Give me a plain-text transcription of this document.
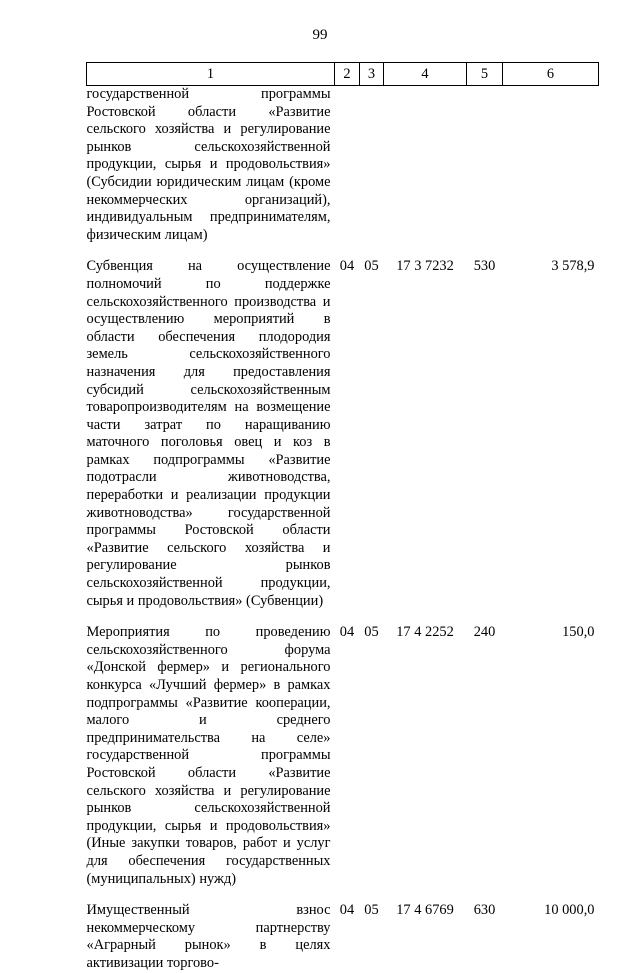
99
1	2	3	4	5	6
государственной программы Ростовской области «Развитие сельского хозяйства и регулирование рынков сельскохозяйственной продукции, сырья и продовольствия» (Субсидии юридическим лицам (кроме некоммерческих организаций), индивидуальным предпринимателям, физическим лицам)					
Субвенция на осуществление полномочий по поддержке сельскохозяйственного производства и осуществлению мероприятий в области обеспечения плодородия земель сельскохозяйственного назначения для предоставления субсидий сельскохозяйственным товаропроизводителям на возмещение части затрат по наращиванию маточного поголовья овец и коз в рамках подпрограммы «Развитие подотрасли животноводства, переработки и реализации продукции животноводства» государственной программы Ростовской области «Развитие сельского хозяйства и регулирование рынков сельскохозяйственной продукции, сырья и продовольствия» (Субвенции)	04	05	17 3 7232	530	3 578,9
Мероприятия по проведению сельскохозяйственного форума «Донской фермер» и регионального конкурса «Лучший фермер» в рамках подпрограммы «Развитие кооперации, малого и среднего предпринимательства на селе» государственной программы Ростовской области «Развитие сельского хозяйства и регулирование рынков сельскохозяйственной продукции, сырья и продовольствия» (Иные закупки товаров, работ и услуг для обеспечения государственных (муниципальных) нужд)	04	05	17 4 2252	240	150,0
Имущественный взнос некоммерческому партнерству «Аграрный рынок» в целях активизации торгово-	04	05	17 4 6769	630	10 000,0
